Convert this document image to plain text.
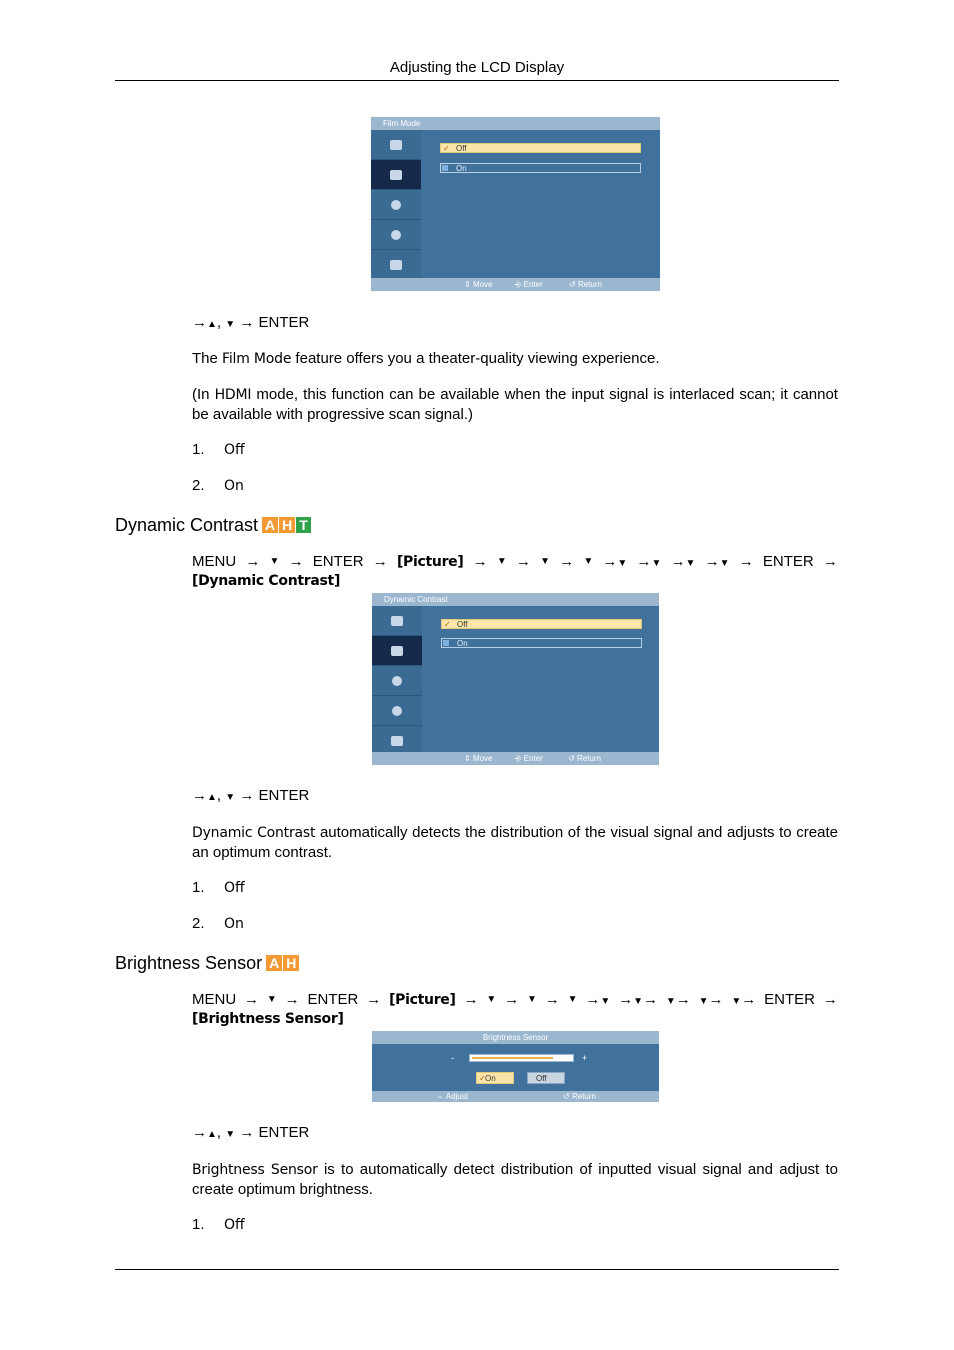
Adjusting the LCD Display
Film Mode
✓ Off
On
⇕ Move	⎆ Enter	↺ Return
→▲, ▼ → ENTER
The Film Mode feature offers you a theater-quality viewing experience.
(In HDMI mode, this function can be available when the input signal is interlaced scan; it cannot be available with progressive scan signal.)
1. Off
2. On
Dynamic Contrast A H T
MENU → ▼ → ENTER → [Picture] → ▼ → ▼ → ▼ →▼ →▼ →▼ →▼ → ENTER →
[Dynamic Contrast]
Dynamic Contrast
✓ Off
On
⇕ Move	⎆ Enter	↺ Return
→▲, ▼ → ENTER
Dynamic Contrast automatically detects the distribution of the visual signal and adjusts to create an optimum contrast.
1. Off
2. On
Brightness Sensor A H
MENU → ▼ → ENTER → [Picture] → ▼ → ▼ → ▼ →▼ →▼→ ▼→ ▼→ ▼→ ENTER →
[Brightness Sensor]
Brightness Sensor
-	+
✓ On	Off
⇔ Adjust	↺ Return
→▲, ▼ → ENTER
Brightness Sensor is to automatically detect distribution of inputted visual signal and adjust to create optimum brightness.
1. Off
